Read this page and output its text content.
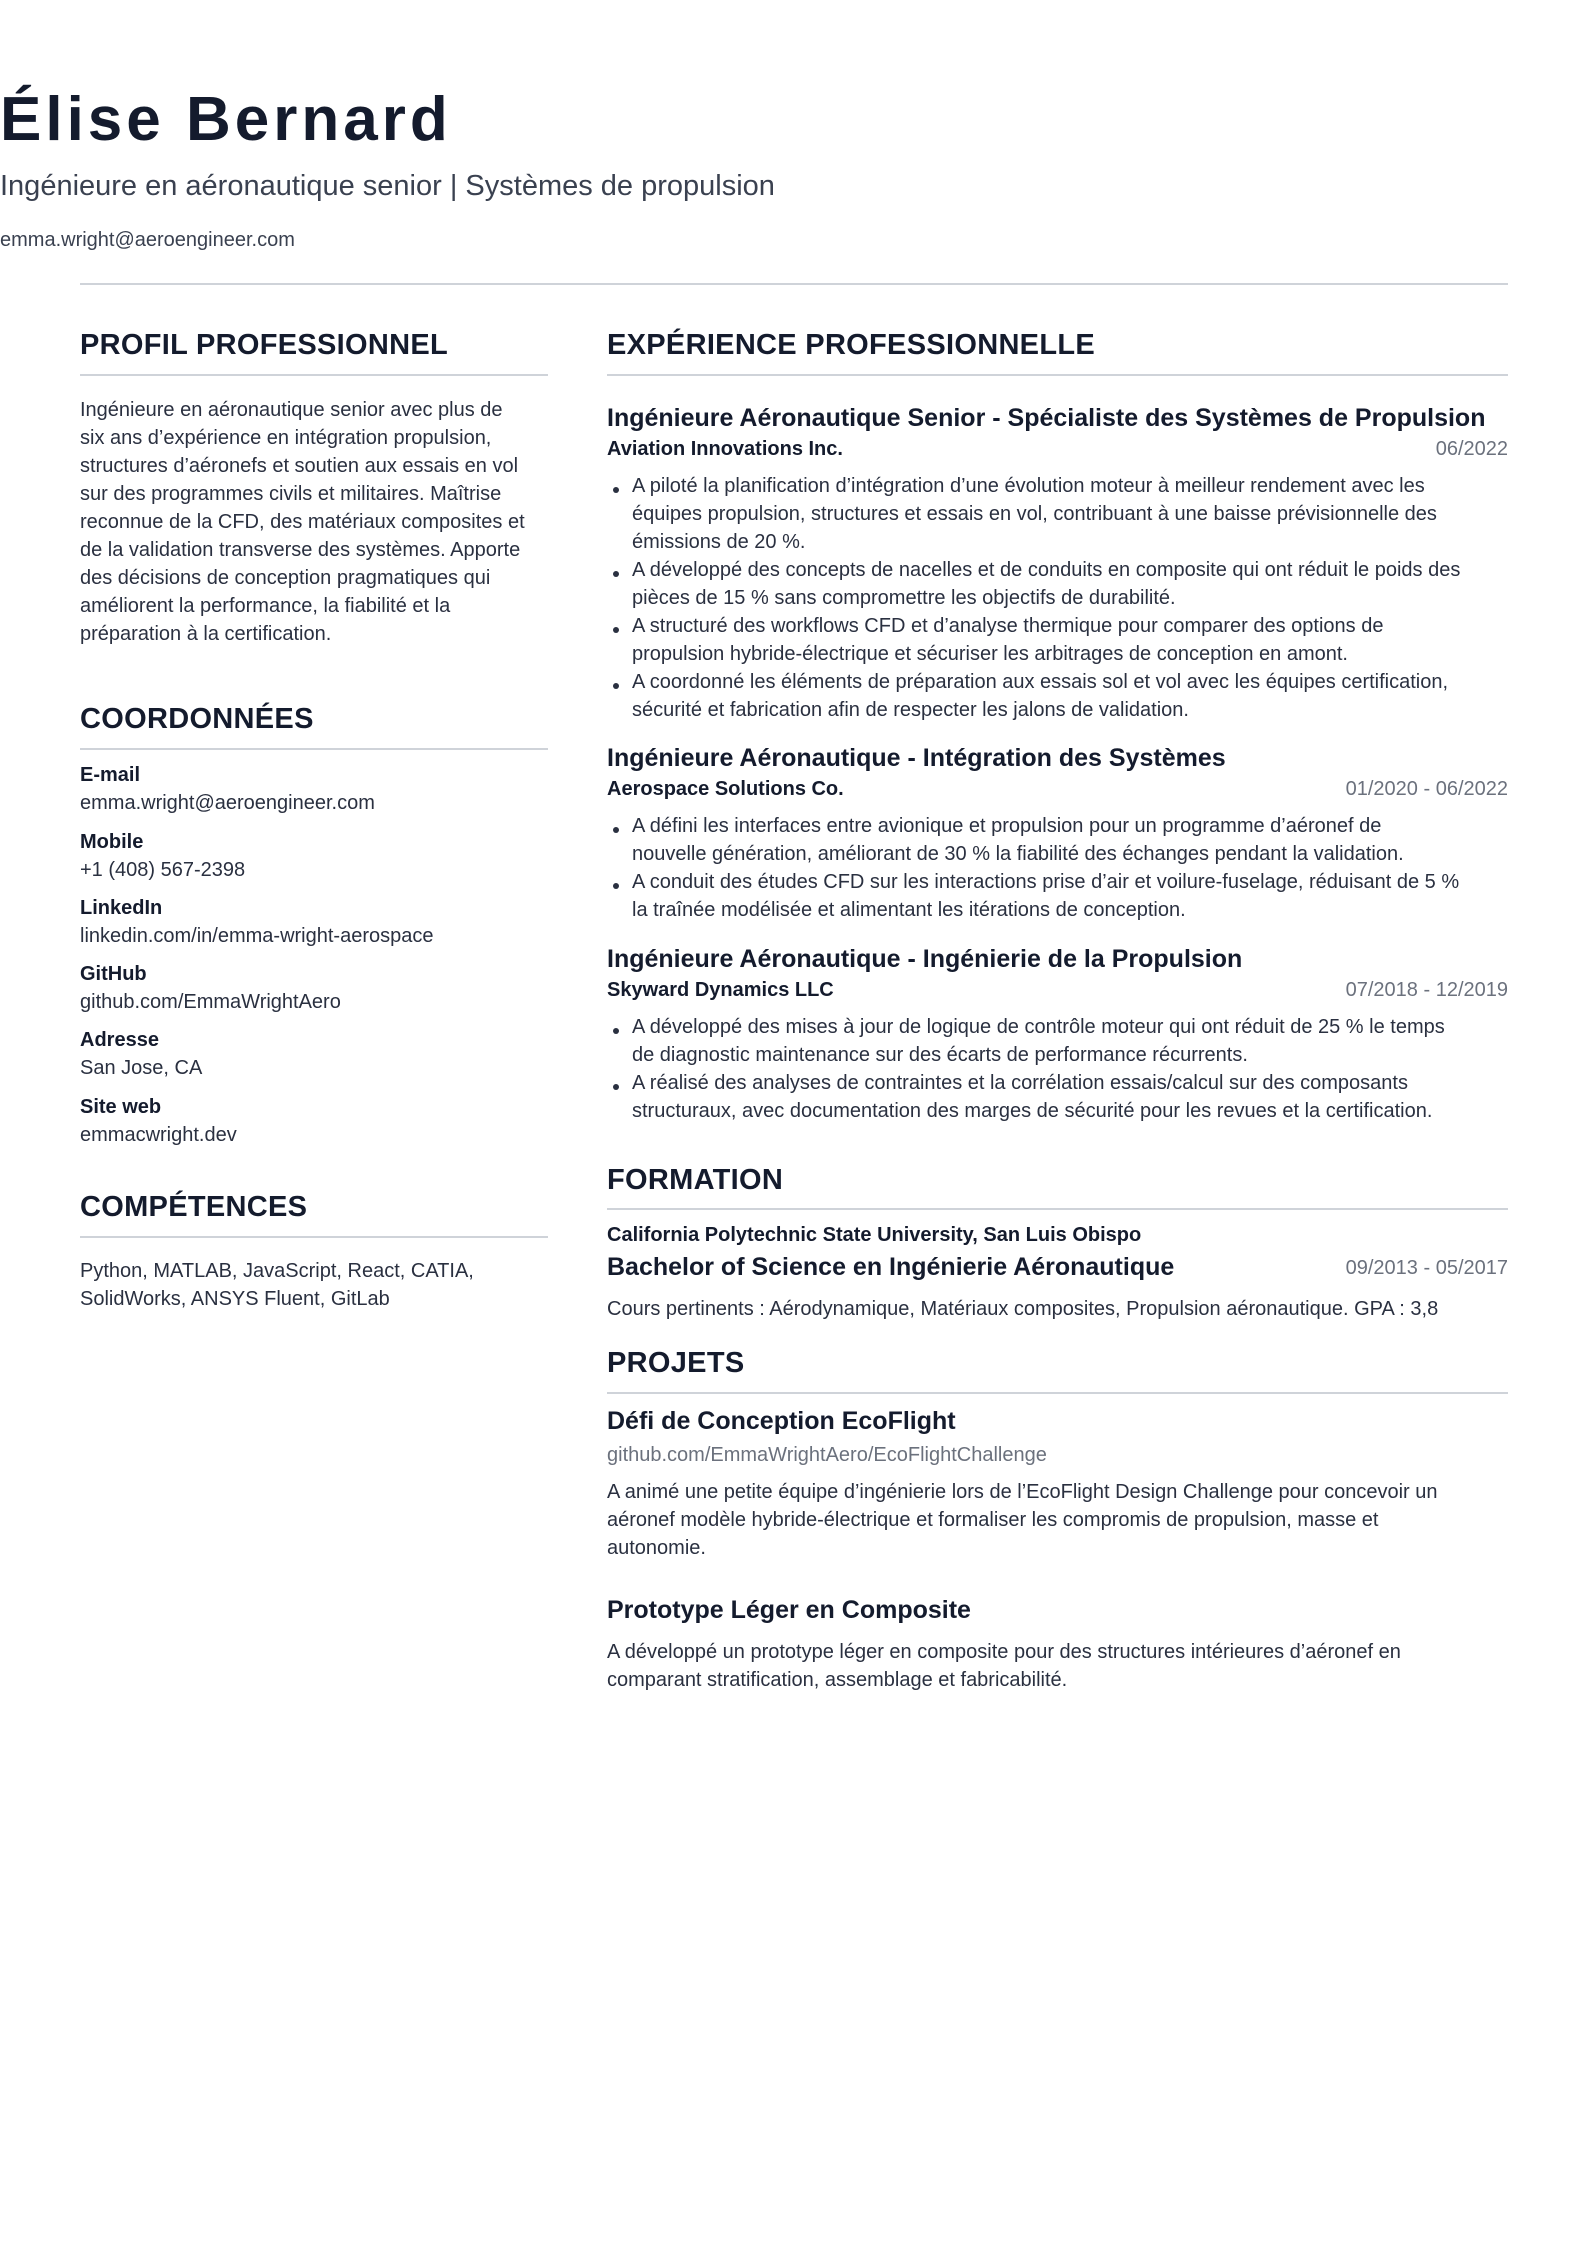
Élise Bernard
Ingénieure en aéronautique senior | Systèmes de propulsion
emma.wright@aeroengineer.com
PROFIL PROFESSIONNEL
Ingénieure en aéronautique senior avec plus de
six ans d’expérience en intégration propulsion,
structures d’aéronefs et soutien aux essais en vol
sur des programmes civils et militaires. Maîtrise
reconnue de la CFD, des matériaux composites et
de la validation transverse des systèmes. Apporte
des décisions de conception pragmatiques qui
améliorent la performance, la fiabilité et la
préparation à la certification.
COORDONNÉES
E-mail
emma.wright@aeroengineer.com
Mobile
+1 (408) 567-2398
LinkedIn
linkedin.com/in/emma-wright-aerospace
GitHub
github.com/EmmaWrightAero
Adresse
San Jose, CA
Site web
emmacwright.dev
COMPÉTENCES
Python, MATLAB, JavaScript, React, CATIA,
SolidWorks, ANSYS Fluent, GitLab
EXPÉRIENCE PROFESSIONNELLE
Ingénieure Aéronautique Senior - Spécialiste des Systèmes de Propulsion
Aviation Innovations Inc.	06/2022
A piloté la planification d’intégration d’une évolution moteur à meilleur rendement avec les
équipes propulsion, structures et essais en vol, contribuant à une baisse prévisionnelle des
émissions de 20 %.
A développé des concepts de nacelles et de conduits en composite qui ont réduit le poids des
pièces de 15 % sans compromettre les objectifs de durabilité.
A structuré des workflows CFD et d’analyse thermique pour comparer des options de
propulsion hybride-électrique et sécuriser les arbitrages de conception en amont.
A coordonné les éléments de préparation aux essais sol et vol avec les équipes certification,
sécurité et fabrication afin de respecter les jalons de validation.
Ingénieure Aéronautique - Intégration des Systèmes
Aerospace Solutions Co.	01/2020 - 06/2022
A défini les interfaces entre avionique et propulsion pour un programme d’aéronef de
nouvelle génération, améliorant de 30 % la fiabilité des échanges pendant la validation.
A conduit des études CFD sur les interactions prise d’air et voilure-fuselage, réduisant de 5 %
la traînée modélisée et alimentant les itérations de conception.
Ingénieure Aéronautique - Ingénierie de la Propulsion
Skyward Dynamics LLC	07/2018 - 12/2019
A développé des mises à jour de logique de contrôle moteur qui ont réduit de 25 % le temps
de diagnostic maintenance sur des écarts de performance récurrents.
A réalisé des analyses de contraintes et la corrélation essais/calcul sur des composants
structuraux, avec documentation des marges de sécurité pour les revues et la certification.
FORMATION
California Polytechnic State University, San Luis Obispo
Bachelor of Science en Ingénierie Aéronautique	09/2013 - 05/2017
Cours pertinents : Aérodynamique, Matériaux composites, Propulsion aéronautique. GPA : 3,8
PROJETS
Défi de Conception EcoFlight
github.com/EmmaWrightAero/EcoFlightChallenge
A animé une petite équipe d’ingénierie lors de l’EcoFlight Design Challenge pour concevoir un
aéronef modèle hybride-électrique et formaliser les compromis de propulsion, masse et
autonomie.
Prototype Léger en Composite
A développé un prototype léger en composite pour des structures intérieures d’aéronef en
comparant stratification, assemblage et fabricabilité.
